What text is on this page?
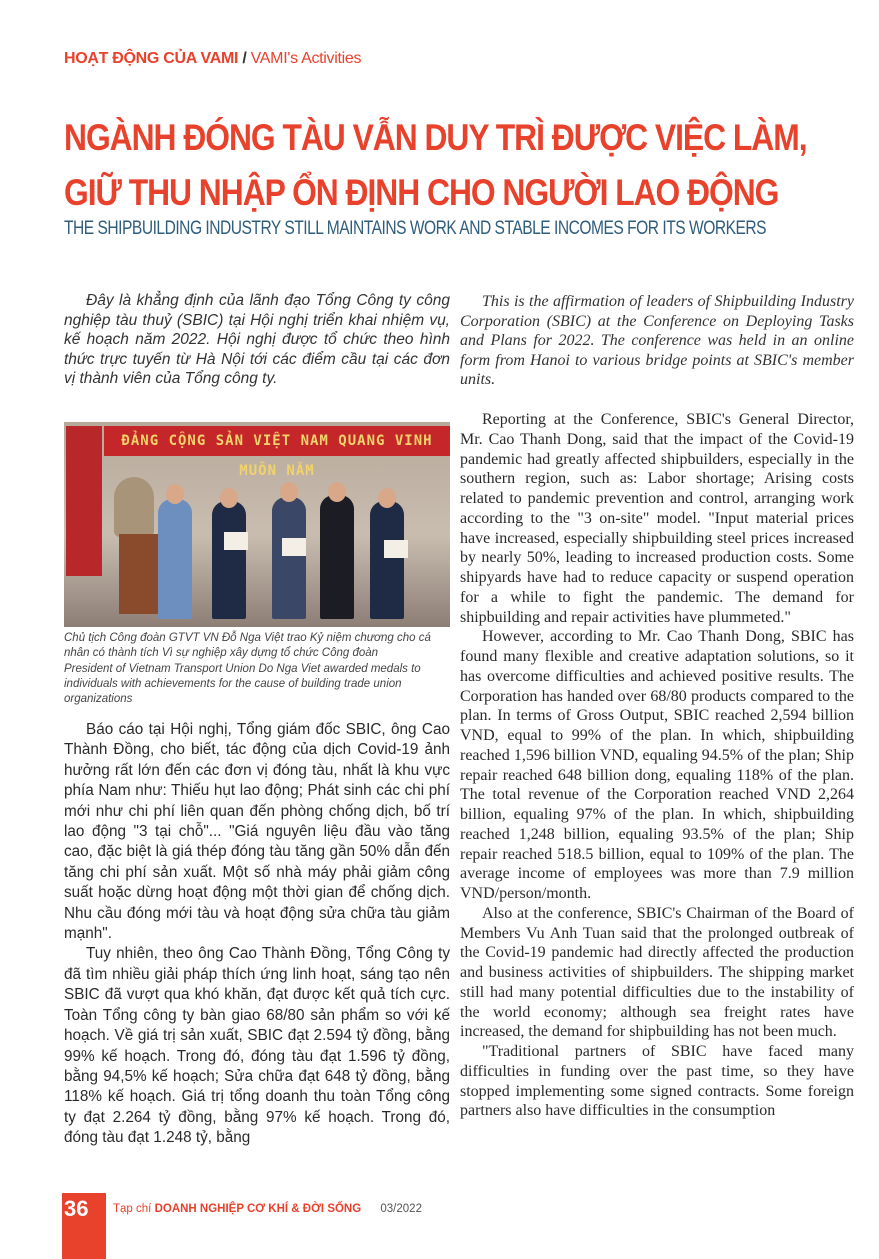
HOẠT ĐỘNG CỦA VAMI / VAMI's Activities
NGÀNH ĐÓNG TÀU VẪN DUY TRÌ ĐƯỢC VIỆC LÀM,
GIỮ THU NHẬP ỔN ĐỊNH CHO NGƯỜI LAO ĐỘNG
THE SHIPBUILDING INDUSTRY STILL MAINTAINS WORK AND STABLE INCOMES FOR ITS WORKERS
Đây là khẳng định của lãnh đạo Tổng Công ty công nghiệp tàu thuỷ (SBIC) tại Hội nghị triển khai nhiệm vụ, kế hoạch năm 2022. Hội nghị được tổ chức theo hình thức trực tuyến từ Hà Nội tới các điểm cầu tại các đơn vị thành viên của Tổng công ty.
ĐẢNG CỘNG SẢN VIỆT NAM QUANG VINH MUÔN NĂM
Chủ tịch Công đoàn GTVT VN Đỗ Nga Việt trao Kỷ niệm chương cho cá nhân có thành tích Vì sự nghiệp xây dựng tổ chức Công đoàn
President of Vietnam Transport Union Do Nga Viet awarded medals to individuals with achievements for the cause of building trade union organizations

Báo cáo tại Hội nghị, Tổng giám đốc SBIC, ông Cao Thành Đồng, cho biết, tác động của dịch Covid-19 ảnh hưởng rất lớn đến các đơn vị đóng tàu, nhất là khu vực phía Nam như: Thiếu hụt lao động; Phát sinh các chi phí mới như chi phí liên quan đến phòng chống dịch, bố trí lao động "3 tại chỗ"... "Giá nguyên liệu đầu vào tăng cao, đặc biệt là giá thép đóng tàu tăng gần 50% dẫn đến tăng chi phí sản xuất. Một số nhà máy phải giảm công suất hoặc dừng hoạt động một thời gian để chống dịch. Nhu cầu đóng mới tàu và hoạt động sửa chữa tàu giảm mạnh".

Tuy nhiên, theo ông Cao Thành Đồng, Tổng Công ty đã tìm nhiều giải pháp thích ứng linh hoạt, sáng tạo nên SBIC đã vượt qua khó khăn, đạt được kết quả tích cực. Toàn Tổng công ty bàn giao 68/80 sản phẩm so với kế hoạch. Về giá trị sản xuất, SBIC đạt 2.594 tỷ đồng, bằng 99% kế hoạch. Trong đó, đóng tàu đạt 1.596 tỷ đồng, bằng 94,5% kế hoạch; Sửa chữa đạt 648 tỷ đồng, bằng 118% kế hoạch. Giá trị tổng doanh thu toàn Tổng công ty đạt 2.264 tỷ đồng, bằng 97% kế hoạch. Trong đó, đóng tàu đạt 1.248 tỷ, bằng

This is the affirmation of leaders of Shipbuilding Industry Corporation (SBIC) at the Conference on Deploying Tasks and Plans for 2022. The conference was held in an online form from Hanoi to various bridge points at SBIC's member units.

Reporting at the Conference, SBIC's General Director, Mr. Cao Thanh Dong, said that the impact of the Covid-19 pandemic had greatly affected shipbuilders, especially in the southern region, such as: Labor shortage; Arising costs related to pandemic prevention and control, arranging work according to the "3 on-site" model. "Input material prices have increased, especially shipbuilding steel prices increased by nearly 50%, leading to increased production costs. Some shipyards have had to reduce capacity or suspend operation for a while to fight the pandemic. The demand for shipbuilding and repair activities have plummeted."

However, according to Mr. Cao Thanh Dong, SBIC has found many flexible and creative adaptation solutions, so it has overcome difficulties and achieved positive results. The Corporation has handed over 68/80 products compared to the plan. In terms of Gross Output, SBIC reached 2,594 billion VND, equal to 99% of the plan. In which, shipbuilding reached 1,596 billion VND, equaling 94.5% of the plan; Ship repair reached 648 billion dong, equaling 118% of the plan. The total revenue of the Corporation reached VND 2,264 billion, equaling 97% of the plan. In which, shipbuilding reached 1,248 billion, equaling 93.5% of the plan; Ship repair reached 518.5 billion, equal to 109% of the plan. The average income of employees was more than 7.9 million VND/person/month.

Also at the conference, SBIC's Chairman of the Board of Members Vu Anh Tuan said that the prolonged outbreak of the Covid-19 pandemic had directly affected the production and business activities of shipbuilders. The shipping market still had many potential difficulties due to the instability of the world economy; although sea freight rates have increased, the demand for shipbuilding has not been much.

"Traditional partners of SBIC have faced many difficulties in funding over the past time, so they have stopped implementing some signed contracts. Some foreign partners also have difficulties in the consumption

36 Tạp chí DOANH NGHIỆP CƠ KHÍ & ĐỜI SỐNG 03/2022
